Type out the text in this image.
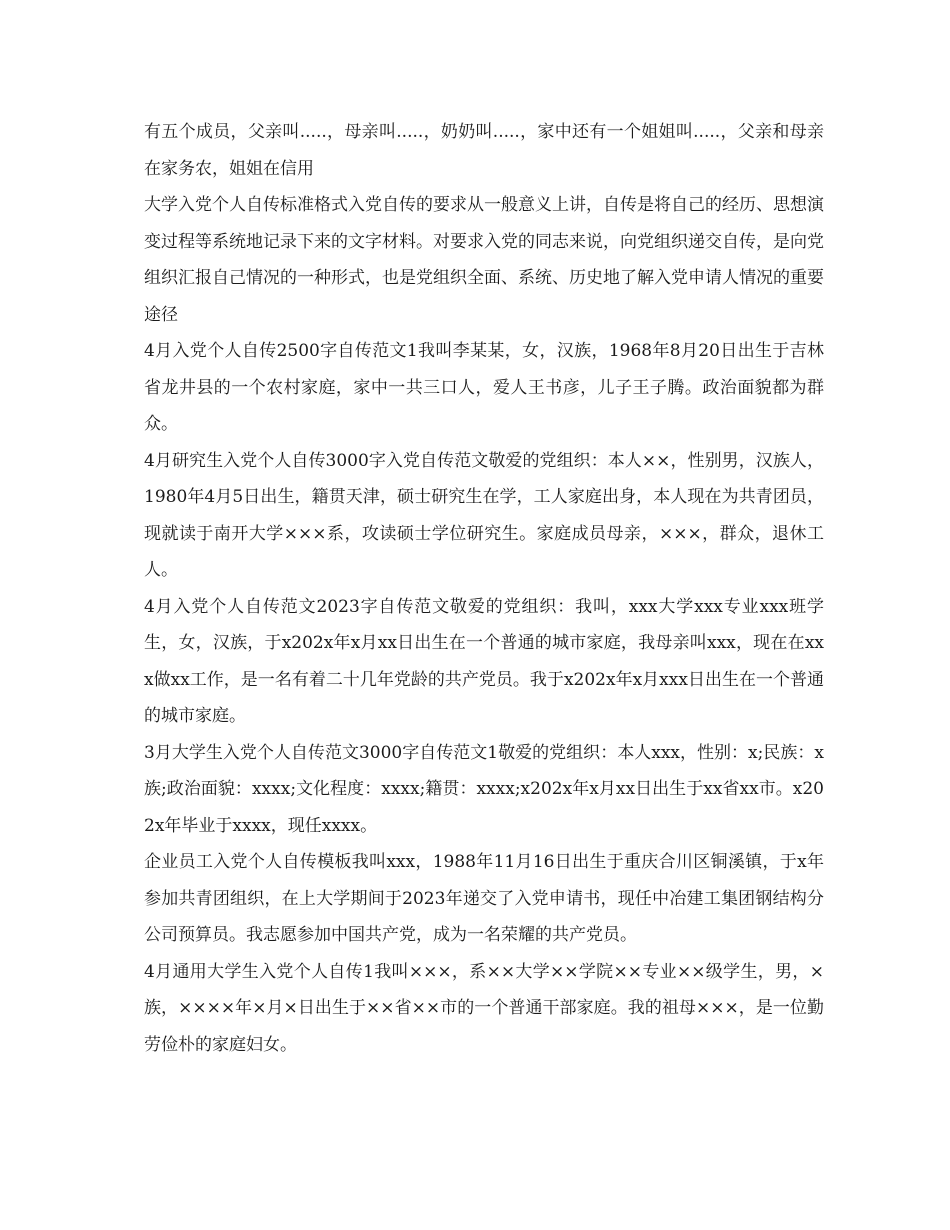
有五个成员，父亲叫.....，母亲叫.....，奶奶叫.....，家中还有一个姐姐叫.....，父亲和母亲在家务农，姐姐在信用

大学入党个人自传标准格式入党自传的要求从一般意义上讲，自传是将自己的经历、思想演变过程等系统地记录下来的文字材料。对要求入党的同志来说，向党组织递交自传，是向党组织汇报自己情况的一种形式，也是党组织全面、系统、历史地了解入党申请人情况的重要途径

4月入党个人自传2500字自传范文1我叫李某某，女，汉族，1968年8月20日出生于吉林省龙井县的一个农村家庭，家中一共三口人，爱人王书彦，儿子王子腾。政治面貌都为群众。

4月研究生入党个人自传3000字入党自传范文敬爱的党组织：本人××，性别男，汉族人，1980年4月5日出生，籍贯天津，硕士研究生在学，工人家庭出身，本人现在为共青团员，现就读于南开大学×××系，攻读硕士学位研究生。家庭成员母亲，×××，群众，退休工人。

4月入党个人自传范文2023字自传范文敬爱的党组织：我叫，xxx大学xxx专业xxx班学生，女，汉族，于x202x年x月xx日出生在一个普通的城市家庭，我母亲叫xxx，现在在xxx做xx工作，是一名有着二十几年党龄的共产党员。我于x202x年x月xxx日出生在一个普通的城市家庭。

3月大学生入党个人自传范文3000字自传范文1敬爱的党组织：本人xxx，性别：x;民族：x族;政治面貌：xxxx;文化程度：xxxx;籍贯：xxxx;x202x年x月xx日出生于xx省xx市。x202x年毕业于xxxx，现任xxxx。

企业员工入党个人自传模板我叫xxx，1988年11月16日出生于重庆合川区铜溪镇，于x年参加共青团组织，在上大学期间于2023年递交了入党申请书，现任中冶建工集团钢结构分公司预算员。我志愿参加中国共产党，成为一名荣耀的共产党员。

4月通用大学生入党个人自传1我叫×××，系××大学××学院××专业××级学生，男，×族，××××年×月×日出生于××省××市的一个普通干部家庭。我的祖母×××，是一位勤劳俭朴的家庭妇女。
